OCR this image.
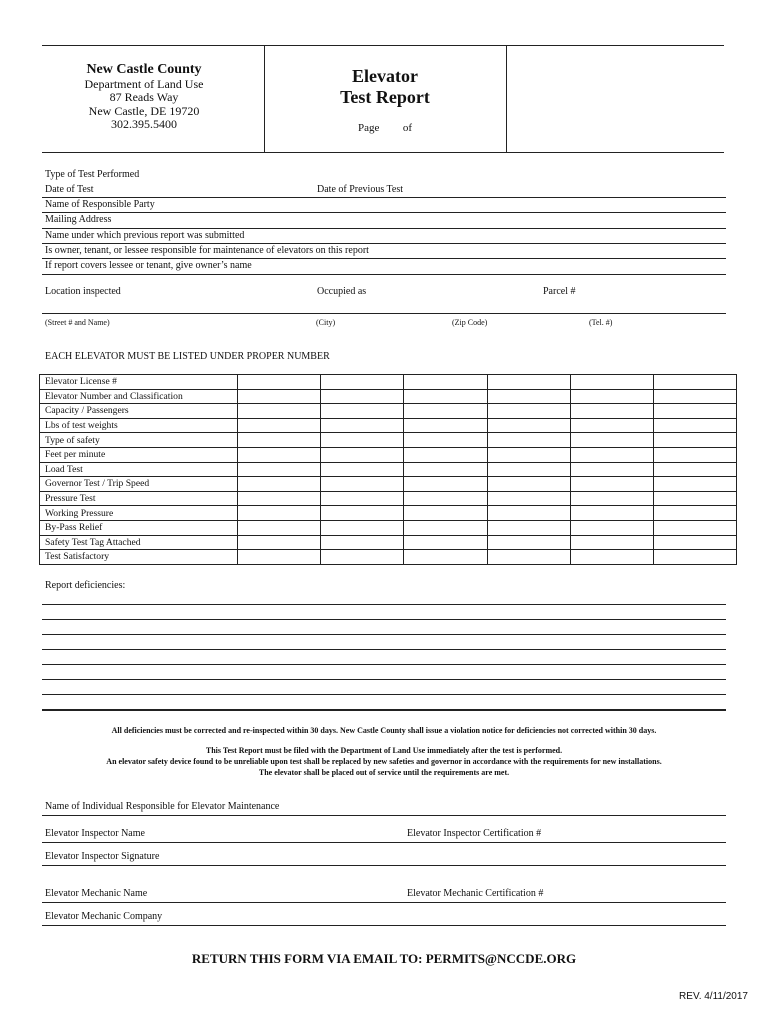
New Castle County
Department of Land Use
87 Reads Way
New Castle, DE 19720
302.395.5400
Elevator
Test Report
Page of
Type of Test Performed
Date of Test	Date of Previous Test
Name of Responsible Party
Mailing Address
Name under which previous report was submitted
Is owner, tenant, or lessee responsible for maintenance of elevators on this report
If report covers lessee or tenant, give owner’s name
Location inspected	Occupied as	Parcel #
(Street # and Name)	(City)	(Zip Code)	(Tel. #)
EACH ELEVATOR MUST BE LISTED UNDER PROPER NUMBER
Elevator License #						
Elevator Number and Classification						
Capacity / Passengers						
Lbs of test weights						
Type of safety						
Feet per minute						
Load Test						
Governor Test / Trip Speed						
Pressure Test						
Working Pressure						
By-Pass Relief						
Safety Test Tag Attached						
Test Satisfactory						
Report deficiencies:
All deficiencies must be corrected and re-inspected within 30 days. New Castle County shall issue a violation notice for deficiencies not corrected within 30 days.
This Test Report must be filed with the Department of Land Use immediately after the test is performed.
An elevator safety device found to be unreliable upon test shall be replaced by new safeties and governor in accordance with the requirements for new installations.
The elevator shall be placed out of service until the requirements are met.
Name of Individual Responsible for Elevator Maintenance
Elevator Inspector Name	Elevator Inspector Certification #
Elevator Inspector Signature
Elevator Mechanic Name	Elevator Mechanic Certification #
Elevator Mechanic Company
RETURN THIS FORM VIA EMAIL TO: PERMITS@NCCDE.ORG
REV. 4/11/2017
